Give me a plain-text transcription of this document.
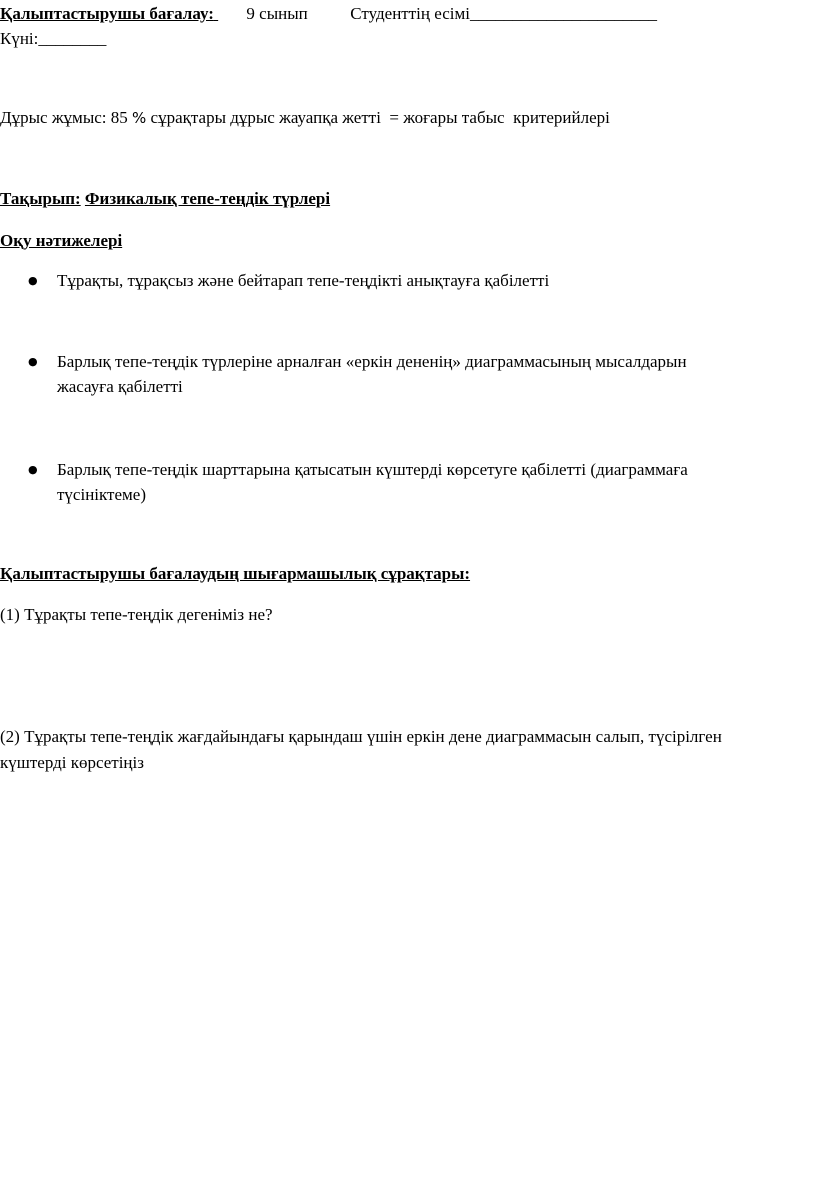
Қалыптастырушы бағалау: 9 сынып	Студенттің есімі______________________
Күні:________
Дұрыс жұмыс: 85 % сұрақтары дұрыс жауапқа жетті  = жоғары табыс  критерийлері
Тақырып: Физикалық тепе-теңдік түрлері
Оқу нәтижелері
● Тұрақты, тұрақсыз және бейтарап тепе-теңдікті анықтауға қабілетті
● Барлық тепе-теңдік түрлеріне арналған «еркін дененің» диаграммасының мысалдарын
жасауға қабілетті
● Барлық тепе-теңдік шарттарына қатысатын күштерді көрсетуге қабілетті (диаграммаға
түсініктеме)
Қалыптастырушы бағалаудың шығармашылық сұрақтары:
(1) Тұрақты тепе-теңдік дегеніміз не?
(2) Тұрақты тепе-теңдік жағдайындағы қарындаш үшін еркін дене диаграммасын салып, түсірілген
күштерді көрсетіңіз
